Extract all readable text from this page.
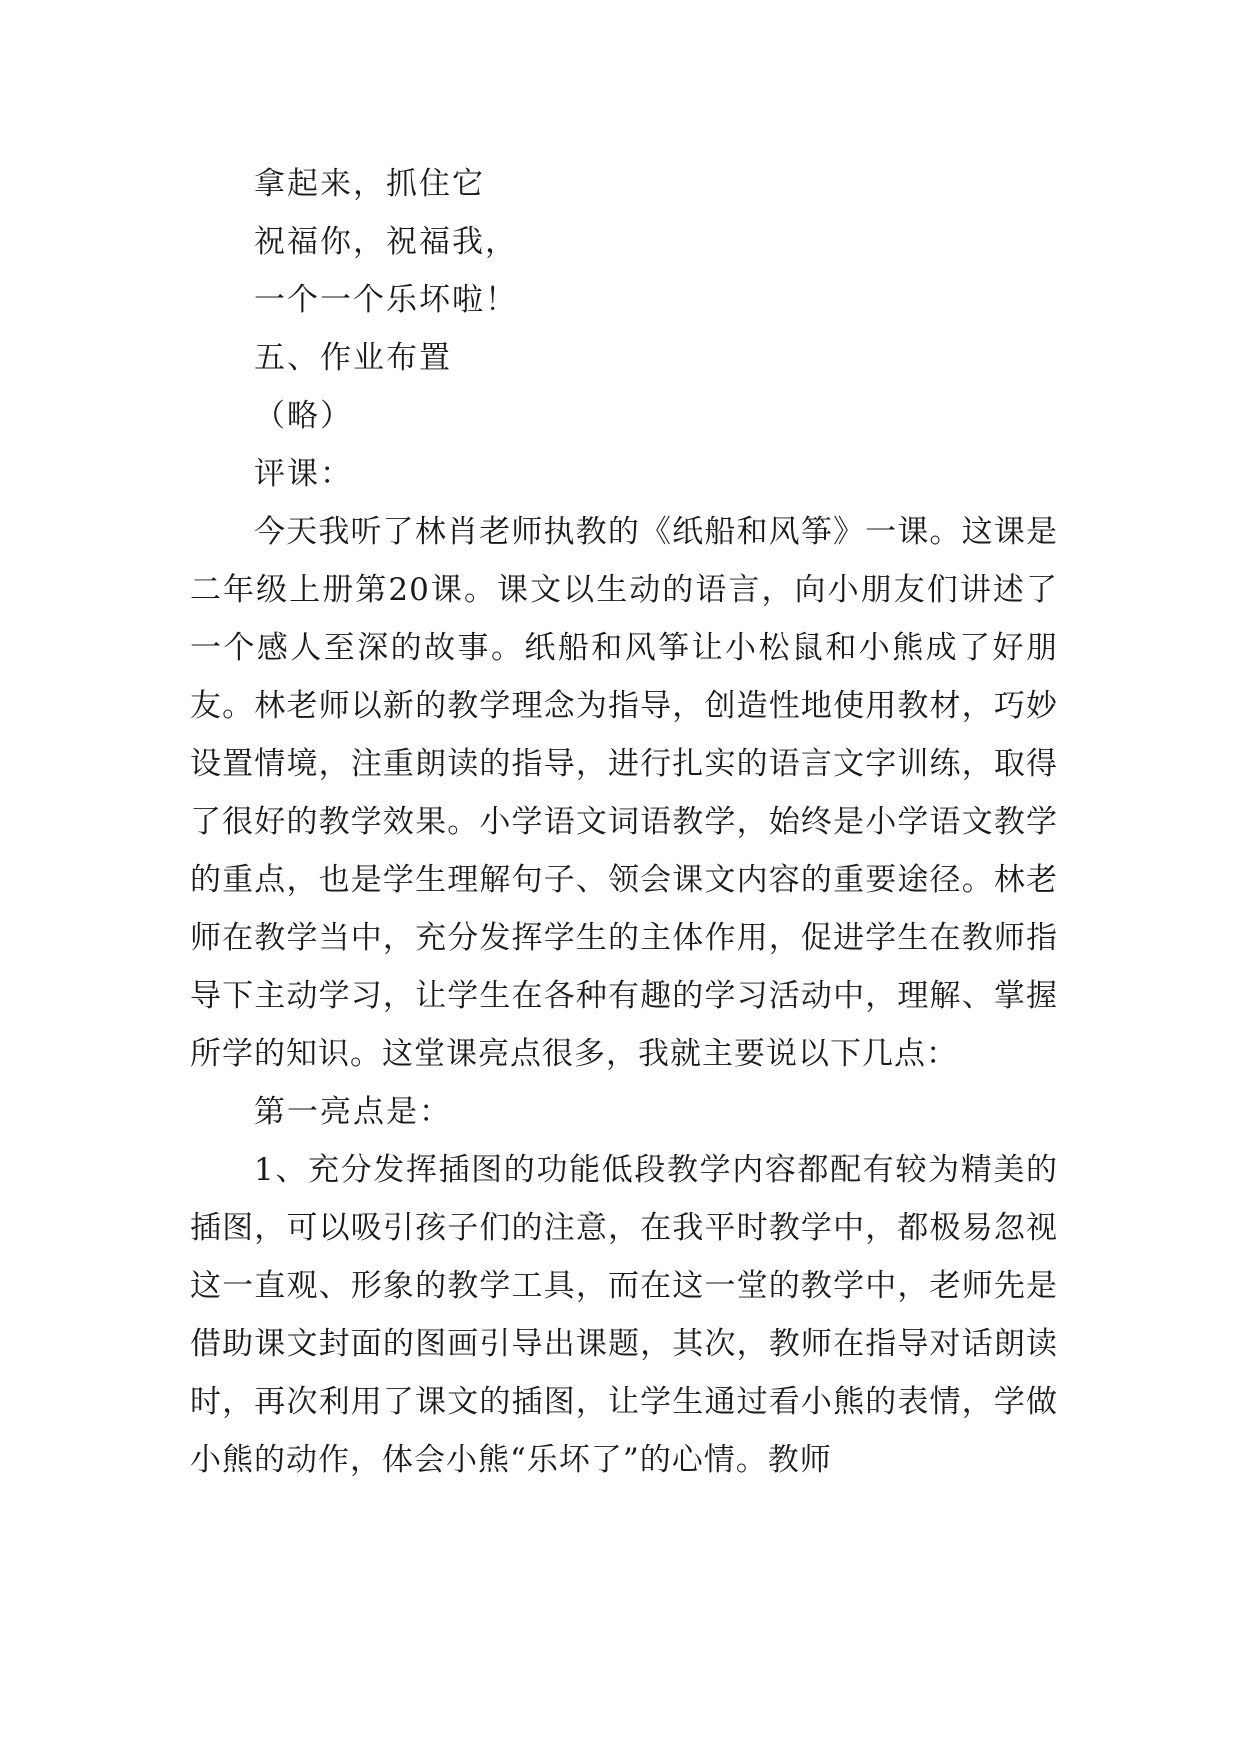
拿起来，抓住它
祝福你，祝福我，
一个一个乐坏啦！
五、作业布置
（略）
评课：

今天我听了林肖老师执教的《纸船和风筝》一课。这课是二年级上册第20课。课文以生动的语言，向小朋友们讲述了一个感人至深的故事。纸船和风筝让小松鼠和小熊成了好朋友。林老师以新的教学理念为指导，创造性地使用教材，巧妙设置情境，注重朗读的指导，进行扎实的语言文字训练，取得了很好的教学效果。小学语文词语教学，始终是小学语文教学的重点，也是学生理解句子、领会课文内容的重要途径。林老师在教学当中，充分发挥学生的主体作用，促进学生在教师指导下主动学习，让学生在各种有趣的学习活动中，理解、掌握所学的知识。这堂课亮点很多，我就主要说以下几点：

第一亮点是：

1、充分发挥插图的功能低段教学内容都配有较为精美的插图，可以吸引孩子们的注意，在我平时教学中，都极易忽视这一直观、形象的教学工具，而在这一堂的教学中，老师先是借助课文封面的图画引导出课题，其次，教师在指导对话朗读时，再次利用了课文的插图，让学生通过看小熊的表情，学做小熊的动作，体会小熊“乐坏了”的心情。教师
